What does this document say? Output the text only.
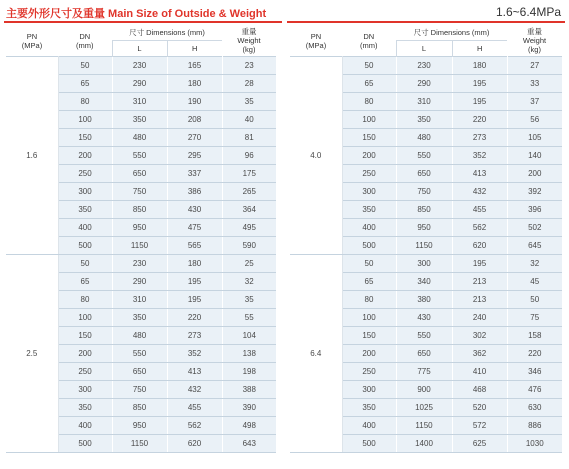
主要外形尺寸及重量 Main Size of Outside & Weight	1.6~6.4MPa
PN
(MPa)	DN
(mm)	尺寸 Dimensions (mm)		重量
Weight
(kg)
		L	H	
1.6	50	230	165	23
	65	290	180	28
	80	310	190	35
	100	350	208	40
	150	480	270	81
	200	550	295	96
	250	650	337	175
	300	750	386	265
	350	850	430	364
	400	950	475	495
	500	1150	565	590
2.5	50	230	180	25
	65	290	195	32
	80	310	195	35
	100	350	220	55
	150	480	273	104
	200	550	352	138
	250	650	413	198
	300	750	432	388
	350	850	455	390
	400	950	562	498
	500	1150	620	643
PN
(MPa)	DN
(mm)	尺寸 Dimensions (mm)		重量
Weight
(kg)
		L	H	
4.0	50	230	180	27
	65	290	195	33
	80	310	195	37
	100	350	220	56
	150	480	273	105
	200	550	352	140
	250	650	413	200
	300	750	432	392
	350	850	455	396
	400	950	562	502
	500	1150	620	645
6.4	50	300	195	32
	65	340	213	45
	80	380	213	50
	100	430	240	75
	150	550	302	158
	200	650	362	220
	250	775	410	346
	300	900	468	476
	350	1025	520	630
	400	1150	572	886
	500	1400	625	1030
